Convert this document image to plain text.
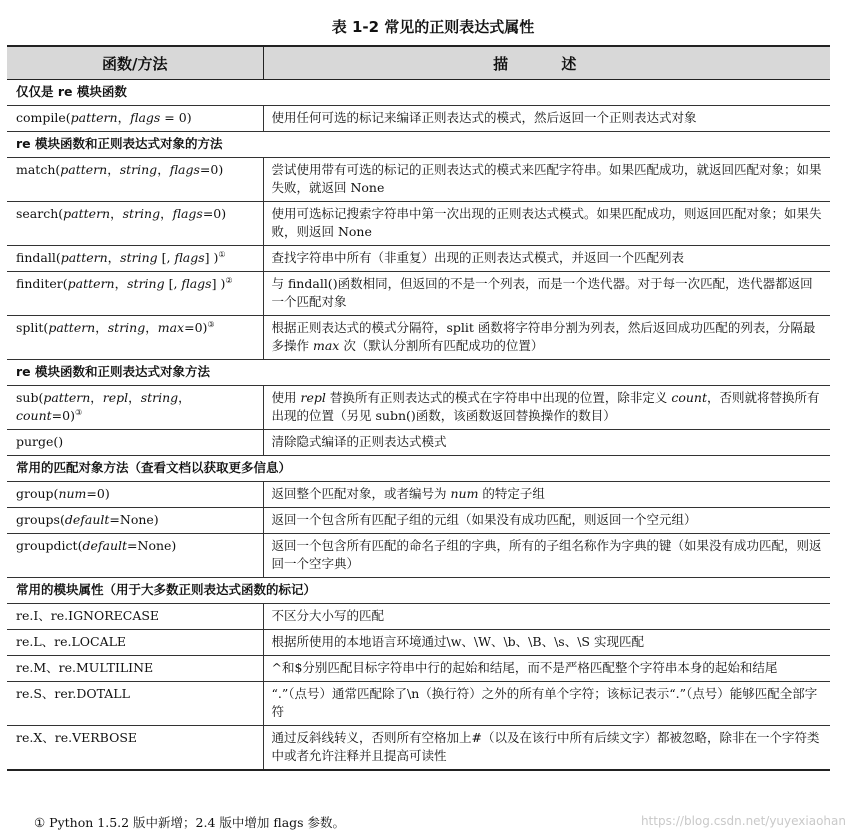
表 1-2 常见的正则表达式属性
函数/方法	描 述
仅仅是 re 模块函数	
compile(pattern，flags = 0)	使用任何可选的标记来编译正则表达式的模式，然后返回一个正则表达式对象
re 模块函数和正则表达式对象的方法	
match(pattern，string，flags=0)	尝试使用带有可选的标记的正则表达式的模式来匹配字符串。如果匹配成功，就返回匹配对象；如果失败，就返回 None
search(pattern，string，flags=0)	使用可选标记搜索字符串中第一次出现的正则表达式模式。如果匹配成功，则返回匹配对象；如果失败，则返回 None
findall(pattern，string [, flags] )①	查找字符串中所有（非重复）出现的正则表达式模式，并返回一个匹配列表
finditer(pattern，string [, flags] )②	与 findall()函数相同，但返回的不是一个列表，而是一个迭代器。对于每一次匹配，迭代器都返回一个匹配对象
split(pattern，string，max=0)③	根据正则表达式的模式分隔符，split 函数将字符串分割为列表，然后返回成功匹配的列表，分隔最多操作 max 次（默认分割所有匹配成功的位置）
re 模块函数和正则表达式对象方法	
sub(pattern，repl，string，count=0)③	使用 repl 替换所有正则表达式的模式在字符串中出现的位置，除非定义 count，否则就将替换所有出现的位置（另见 subn()函数，该函数返回替换操作的数目）
purge()	清除隐式编译的正则表达式模式
常用的匹配对象方法（查看文档以获取更多信息）	
group(num=0)	返回整个匹配对象，或者编号为 num 的特定子组
groups(default=None)	返回一个包含所有匹配子组的元组（如果没有成功匹配，则返回一个空元组）
groupdict(default=None)	返回一个包含所有匹配的命名子组的字典，所有的子组名称作为字典的键（如果没有成功匹配，则返回一个空字典）
常用的模块属性（用于大多数正则表达式函数的标记）	
re.I、re.IGNORECASE	不区分大小写的匹配
re.L、re.LOCALE	根据所使用的本地语言环境通过\w、\W、\b、\B、\s、\S 实现匹配
re.M、re.MULTILINE	^和$分别匹配目标字符串中行的起始和结尾，而不是严格匹配整个字符串本身的起始和结尾
re.S、rer.DOTALL	“.”（点号）通常匹配除了\n（换行符）之外的所有单个字符；该标记表示“.”（点号）能够匹配全部字符
re.X、re.VERBOSE	通过反斜线转义，否则所有空格加上#（以及在该行中所有后续文字）都被忽略，除非在一个字符类中或者允许注释并且提高可读性
① Python 1.5.2 版中新增；2.4 版中增加 flags 参数。	https://blog.csdn.net/yuyexiaohan
